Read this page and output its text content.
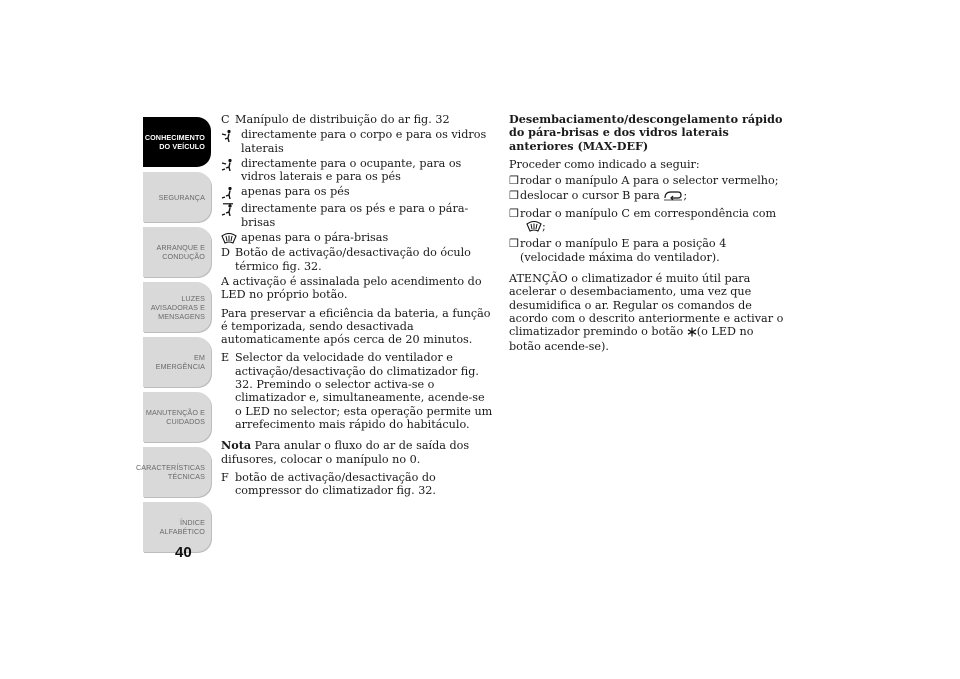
CONHECIMENTO
DO VEÍCULO
SEGURANÇA
ARRANQUE E
CONDUÇÃO
LUZES
AVISADORAS E
MENSAGENS
EM EMERGÊNCIA
MANUTENÇÃO E
CUIDADOS
CARACTERÍSTICAS
TÉCNICAS
ÍNDICE
ALFABÉTICO
40
C Manípulo de distribuição do ar fig. 32
directamente para o corpo e para os vidros laterais
directamente para o ocupante, para os vidros laterais e para os pés
apenas para os pés
directamente para os pés e para o pára-brisas
apenas para o pára-brisas
D Botão de activação/desactivação do óculo térmico fig. 32.

A activação é assinalada pelo acendimento do LED no próprio botão.

Para preservar a eficiência da bateria, a função é temporizada, sendo desactivada automaticamente após cerca de 20 minutos.

E Selector da velocidade do ventilador e activação/desactivação do climatizador fig. 32. Premindo o selector activa-se o climatizador e, simultaneamente, acende-se o LED no selector; esta operação permite um arrefecimento mais rápido do habitáculo.

Nota Para anular o fluxo do ar de saída dos difusores, colocar o manípulo no 0.

F botão de activação/desactivação do compressor do climatizador fig. 32.
Desembaciamento/descongelamento rápido do pára-brisas e dos vidros laterais anteriores (MAX-DEF)

Proceder como indicado a seguir:

❒ rodar o manípulo A para o selector vermelho;
❒ deslocar o cursor B para ;
❒ rodar o manípulo C em correspondência com
;
❒ rodar o manípulo E para a posição 4 (velocidade máxima do ventilador).

ATENÇÃO o climatizador é muito útil para acelerar o desembaciamento, uma vez que desumidifica o ar. Regular os comandos de acordo com o descrito anteriormente e activar o climatizador premindo o botão (o LED no botão acende-se).
